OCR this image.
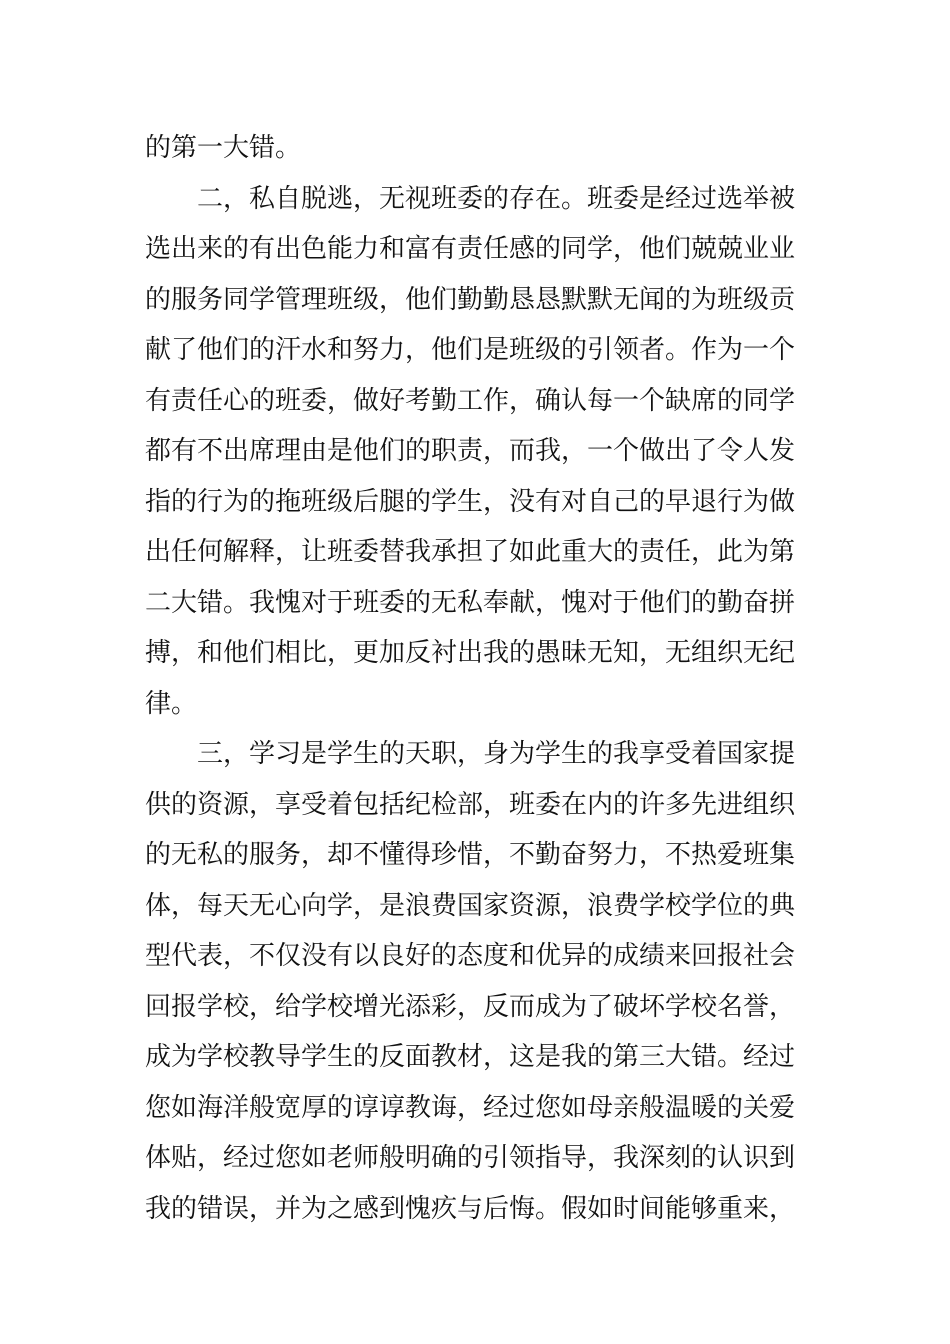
的第一大错。
二，私自脱逃，无视班委的存在。班委是经过选举被
选出来的有出色能力和富有责任感的同学，他们兢兢业业
的服务同学管理班级，他们勤勤恳恳默默无闻的为班级贡
献了他们的汗水和努力，他们是班级的引领者。作为一个
有责任心的班委，做好考勤工作，确认每一个缺席的同学
都有不出席理由是他们的职责，而我，一个做出了令人发
指的行为的拖班级后腿的学生，没有对自己的早退行为做
出任何解释，让班委替我承担了如此重大的责任，此为第
二大错。我愧对于班委的无私奉献，愧对于他们的勤奋拼
搏，和他们相比，更加反衬出我的愚昧无知，无组织无纪
律。
三，学习是学生的天职，身为学生的我享受着国家提
供的资源，享受着包括纪检部，班委在内的许多先进组织
的无私的服务，却不懂得珍惜，不勤奋努力，不热爱班集
体，每天无心向学，是浪费国家资源，浪费学校学位的典
型代表，不仅没有以良好的态度和优异的成绩来回报社会
回报学校，给学校增光添彩，反而成为了破坏学校名誉，
成为学校教导学生的反面教材，这是我的第三大错。经过
您如海洋般宽厚的谆谆教诲，经过您如母亲般温暖的关爱
体贴，经过您如老师般明确的引领指导，我深刻的认识到
我的错误，并为之感到愧疚与后悔。假如时间能够重来，
